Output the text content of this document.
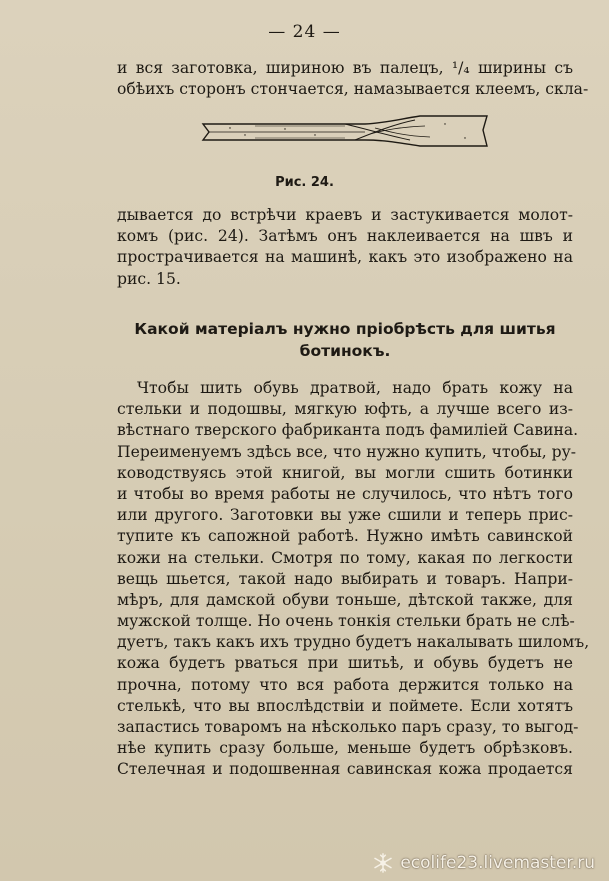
— 24 —
и вся заготовка, шириною въ палецъ, ¹/₄ ширины съ
обѣихъ сторонъ стончается, намазывается клеемъ, скла-
Рис. 24.
дывается до встрѣчи краевъ и застукивается молот-
комъ (рис. 24). Затѣмъ онъ наклеивается на швъ и
прострачивается на машинѣ, какъ это изображено на
рис. 15.
Какой матерiалъ нужно прiобрѣсть для шитья
ботинокъ.
Чтобы шить обувь дратвой, надо брать кожу на
стельки и подошвы, мягкую юфть, а лучше всего из-
вѣстнаго тверского фабриканта подъ фамилiей Савина.
Переименуемъ здѣсь все, что нужно купить, чтобы, ру-
ководствуясь этой книгой, вы могли сшить ботинки
и чтобы во время работы не случилось, что нѣтъ того
или другого. Заготовки вы уже сшили и теперь прис-
тупите къ сапожной работѣ. Нужно имѣть савинской
кожи на стельки. Смотря по тому, какая по легкости
вещь шьется, такой надо выбирать и товаръ. Напри-
мѣръ, для дамской обуви тоньше, дѣтской также, для
мужской толще. Но очень тонкiя стельки брать не слѣ-
дуетъ, такъ какъ ихъ трудно будетъ накалывать шиломъ,
кожа будетъ рваться при шитьѣ, и обувь будетъ не
прочна, потому что вся работа держится только на
стелькѣ, что вы впослѣдствiи и поймете. Если хотятъ
запастись товаромъ на нѣсколько паръ сразу, то выгод-
нѣе купить сразу больше, меньше будетъ обрѣзковъ.
Стелечная и подошвенная савинская кожа продается
ecolife23.livemaster.ru
